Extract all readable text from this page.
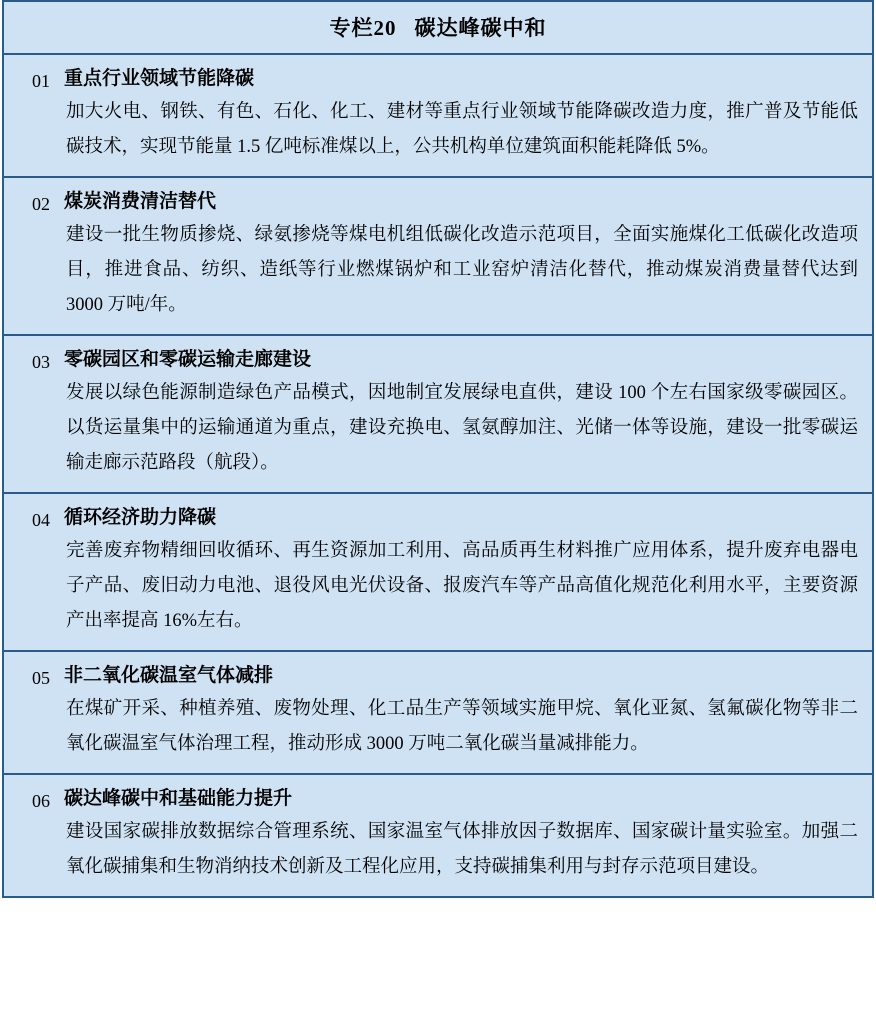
专栏20 碳达峰碳中和
01 重点行业领域节能降碳
加大火电、钢铁、有色、石化、化工、建材等重点行业领域节能降碳改造力度，推广普及节能低碳技术，实现节能量 1.5 亿吨标准煤以上，公共机构单位建筑面积能耗降低 5%。
02 煤炭消费清洁替代
建设一批生物质掺烧、绿氨掺烧等煤电机组低碳化改造示范项目，全面实施煤化工低碳化改造项目，推进食品、纺织、造纸等行业燃煤锅炉和工业窑炉清洁化替代，推动煤炭消费量替代达到 3000 万吨/年。
03 零碳园区和零碳运输走廊建设
发展以绿色能源制造绿色产品模式，因地制宜发展绿电直供，建设 100 个左右国家级零碳园区。以货运量集中的运输通道为重点，建设充换电、氢氨醇加注、光储一体等设施，建设一批零碳运输走廊示范路段（航段）。
04 循环经济助力降碳
完善废弃物精细回收循环、再生资源加工利用、高品质再生材料推广应用体系，提升废弃电器电子产品、废旧动力电池、退役风电光伏设备、报废汽车等产品高值化规范化利用水平，主要资源产出率提高 16%左右。
05 非二氧化碳温室气体减排
在煤矿开采、种植养殖、废物处理、化工品生产等领域实施甲烷、氧化亚氮、氢氟碳化物等非二氧化碳温室气体治理工程，推动形成 3000 万吨二氧化碳当量减排能力。
06 碳达峰碳中和基础能力提升
建设国家碳排放数据综合管理系统、国家温室气体排放因子数据库、国家碳计量实验室。加强二氧化碳捕集和生物消纳技术创新及工程化应用，支持碳捕集利用与封存示范项目建设。
